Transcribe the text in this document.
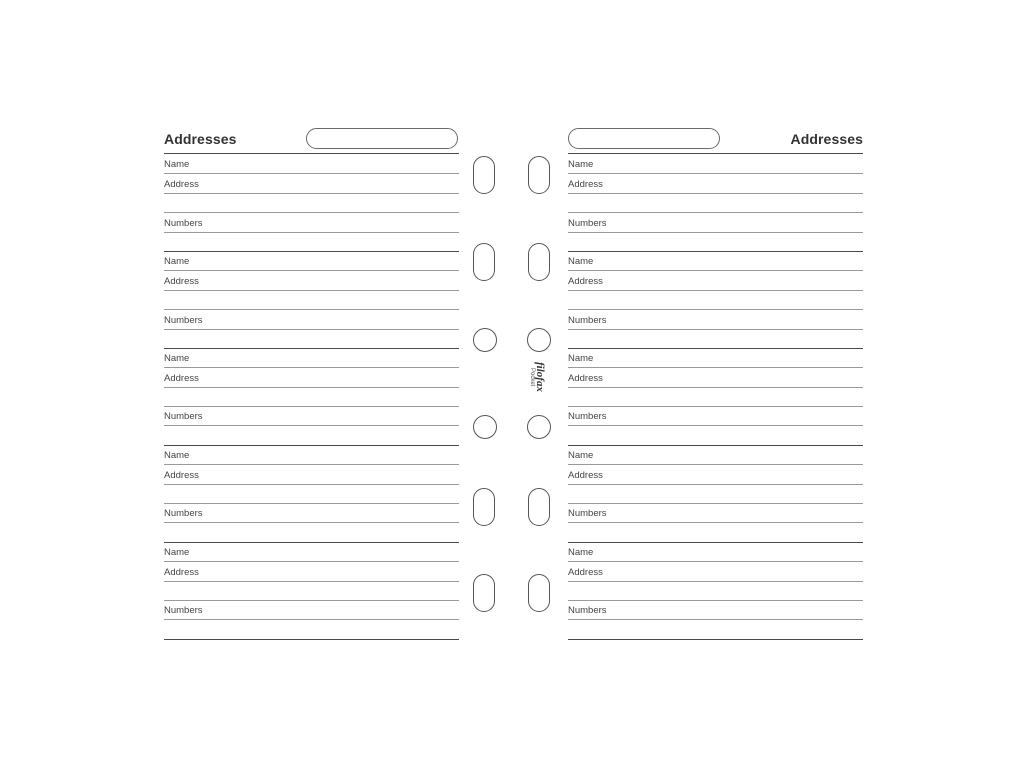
Addresses
Name
Address
Numbers
Name
Address
Numbers
Name
Address
Numbers
Name
Address
Numbers
Name
Address
Numbers
Addresses
Name
Address
Numbers
Name
Address
Numbers
Name
Address
Numbers
Name
Address
Numbers
Name
Address
Numbers
Pocket filofax
